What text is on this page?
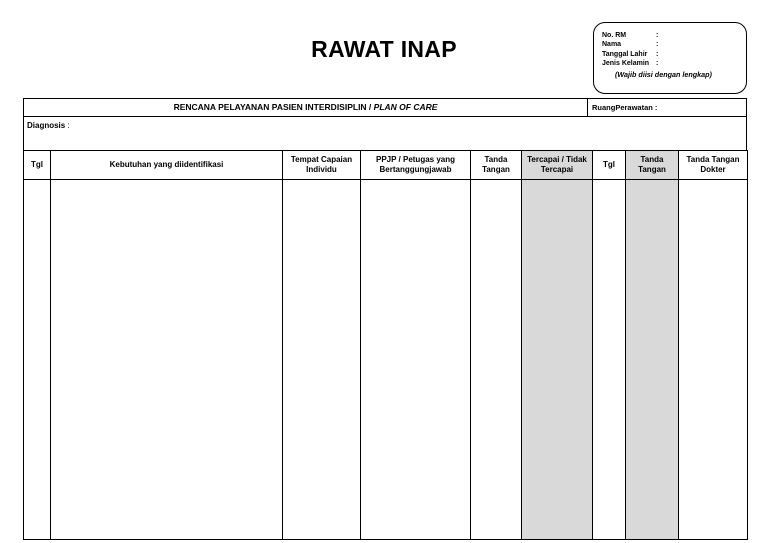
RAWAT INAP
No. RM	:
Nama	:
Tanggal Lahir	:
Jenis Kelamin :
(Wajib diisi dengan lengkap)
RENCANA PELAYANAN PASIEN INTERDISIPLIN / PLAN OF CARE	RuangPerawatan :
Diagnosis :
Tgl	Kebutuhan yang diidentifikasi	Tempat Capaian Individu	PPJP / Petugas yang Bertanggungjawab	Tanda Tangan	Tercapai / Tidak Tercapai	Tgl	Tanda Tangan	Tanda Tangan Dokter
